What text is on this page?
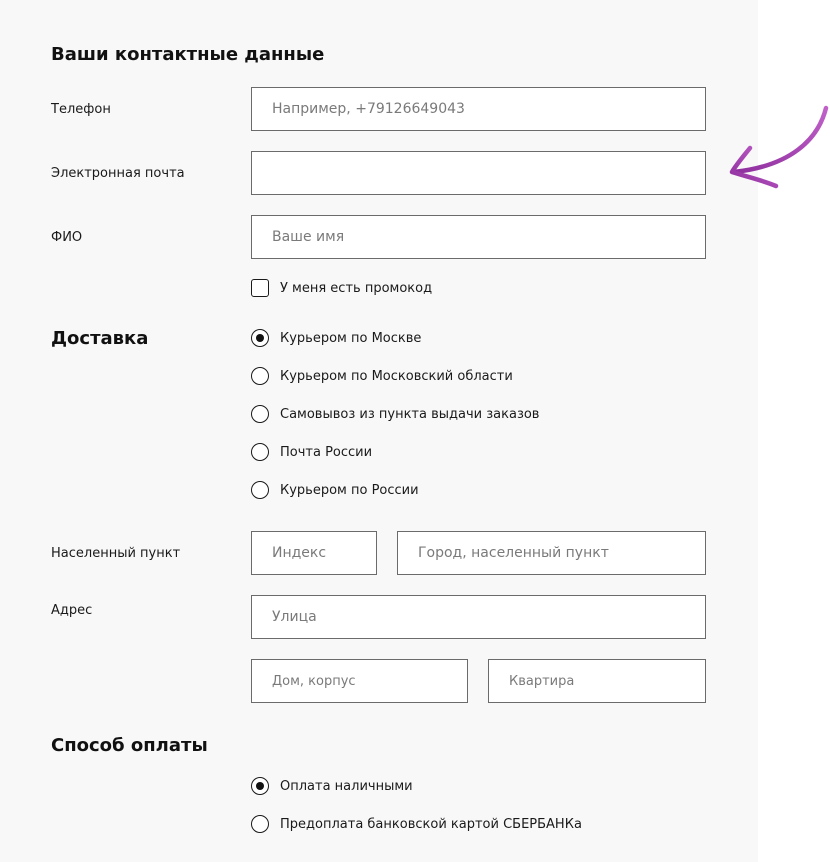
Ваши контактные данные
Телефон
Например, +79126649043
Электронная почта
ФИО
Ваше имя
У меня есть промокод
Доставка	Курьером по Москве
Курьером по Московский области
Самовывоз из пункта выдачи заказов
Почта России
Курьером по России
Населенный пункт
Индекс
Город, населенный пункт
Адрес
Улица
Дом, корпус
Квартира
Способ оплаты
Оплата наличными
Предоплата банковской картой СБЕРБАНКа
